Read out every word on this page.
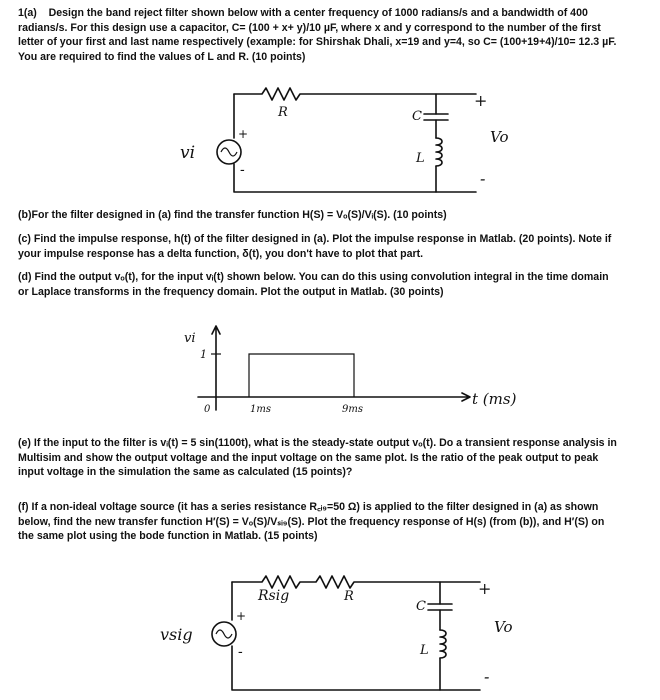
1(a) Design the band reject filter shown below with a center frequency of 1000 radians/s and a bandwidth of 400

radians/s. For this design use a capacitor, C= (100 + x+ y)/10 µF, where x and y correspond to the number of the first

letter of your first and last name respectively (example: for Shirshak Dhali, x=19 and y=4, so C= (100+19+4)/10= 12.3 µF.

You are required to find the values of L and R. (10 points)

R	C
L
vi
Vo
+
-
+
-

(b)For the filter designed in (a) find the transfer function H(S) = Vₒ(S)/Vᵢ(S). (10 points)

(c) Find the impulse response, h(t) of the filter designed in (a). Plot the impulse response in Matlab. (20 points). Note if

your impulse response has a delta function, δ(t), you don't have to plot that part.

(d) Find the output vₒ(t), for the input vᵢ(t) shown below. You can do this using convolution integral in the time domain

or Laplace transforms in the frequency domain. Plot the output in Matlab. (30 points)

vi
1
0	1ms	9ms
t (ms)

(e) If the input to the filter is vᵢ(t) = 5 sin(1100t), what is the steady-state output vₒ(t). Do a transient response analysis in

Multisim and show the output voltage and the input voltage on the same plot. Is the ratio of the peak output to peak

input voltage in the simulation the same as calculated (15 points)?

(f) If a non-ideal voltage source (it has a series resistance R꜀ᵢ₉=50 Ω) is applied to the filter designed in (a) as shown

below, find the new transfer function H′(S) = Vₒ(S)/Vₛᵢ₉(S). Plot the frequency response of H(s) (from (b)), and H′(S) on

the same plot using the bode function in Matlab. (15 points)

Rsig	R
C
L
vsig	Vo
+
-
+
-
